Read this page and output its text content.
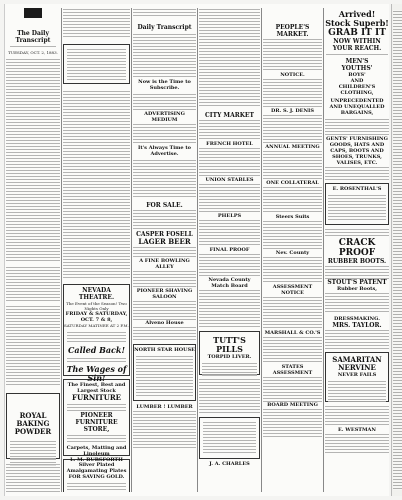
The Daily Transcript
TUESDAY, OCT. 2, 1883.
ROYAL BAKING POWDER
NEVADA THEATRE.
The Event of the Season! Two Nights Only
FRIDAY & SATURDAY, OCT. 7 & 8,
SATURDAY MATINEE AT 2 P.M.
Called Back!
The Wages of Sin!
The Finest, Best and Largest Stock
FURNITURE
PIONEER FURNITURE STORE,
Carpets, Matting and Linoleum
L. M. BURSFORTH
Silver Plated Amalgamating Plates
FOR SAVING GOLD.
Daily Transcript
Now is the Time to Subscribe.
ADVERTISING MEDIUM
It's Always Time to Advertise.
FOR SALE.
CASPER FOSELL
LAGER BEER
A FINE BOWLING ALLEY
PIONEER SHAVING SALOON
Alveno House
NORTH STAR HOUSE
LUMBER ! LUMBER
CITY MARKET
FRENCH HOTEL
UNION STABLES
PHELPS
FINAL PROOF
Nevada County Match Board
TUTT'S PILLS
TORPID LIVER.
J. A. CHARLES
PEOPLE'S MARKET.
NOTICE.
DR. S. J. DENIS
ANNUAL MEETING
ONE COLLATERAL
Steers Suits
Nev. County
ASSESSMENT NOTICE
MARSHALL & CO.'S
STATES ASSESSMENT
BOARD MEETING
Arrived! Stock Superb!
GRAB IT IT
NOW WITHIN YOUR REACH.
MEN'S
YOUTHS'
BOYS'
AND
CHILDREN'S CLOTHING,
UNPRECEDENTED AND UNEQUALLED BARGAINS,
GENTS' FURNISHING GOODS, HATS AND CAPS, BOOTS AND SHOES, TRUNKS, VALISES, ETC.
E. ROSENTHAL'S
CRACK PROOF
RUBBER BOOTS.
STOUT'S PATENT
Rubber Boots,
DRESSMAKING.
MRS. TAYLOR.
SAMARITAN NERVINE
NEVER FAILS
E. WESTMAN
